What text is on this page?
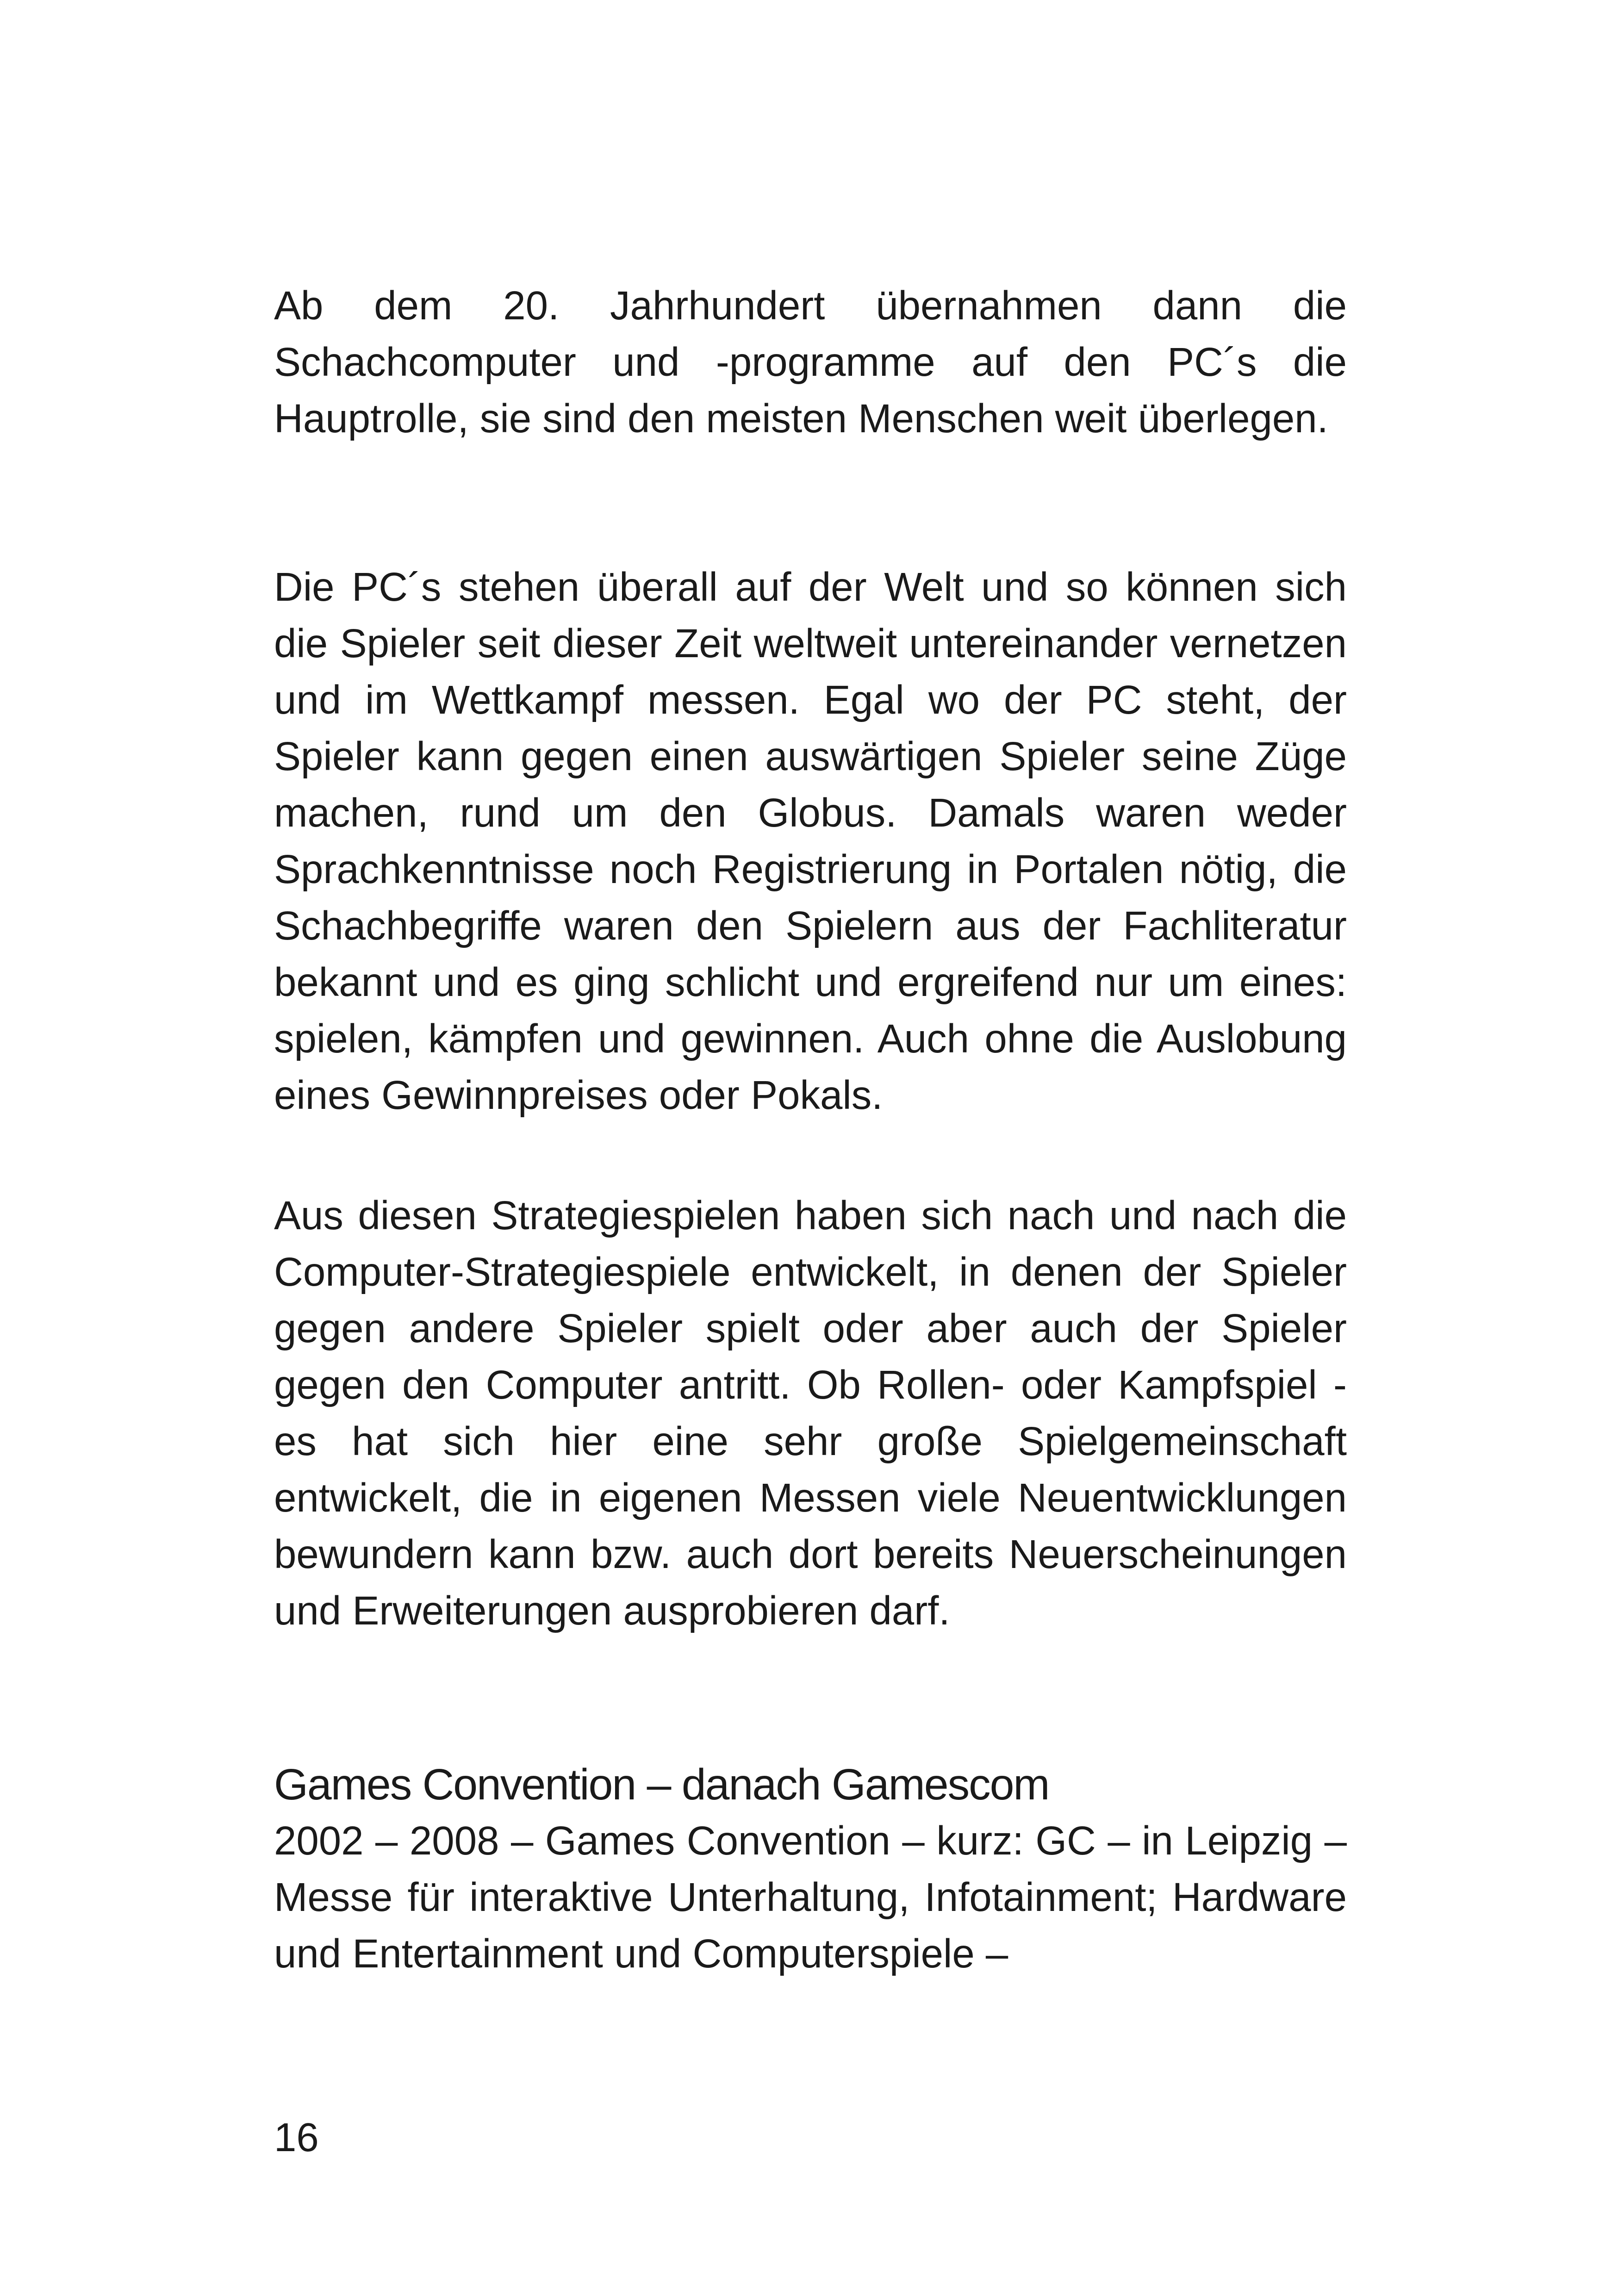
Ab dem 20. Jahrhundert übernahmen dann die Schachcomputer und -programme auf den PC´s die Hauptrolle, sie sind den meisten Menschen weit überlegen.

Die PC´s stehen überall auf der Welt und so können sich die Spieler seit dieser Zeit weltweit untereinander vernetzen und im Wettkampf messen. Egal wo der PC steht, der Spieler kann gegen einen auswärtigen Spieler seine Züge machen, rund um den Globus. Damals waren weder Sprachkenntnisse noch Registrierung in Portalen nötig, die Schachbegriffe waren den Spielern aus der Fachliteratur bekannt und es ging schlicht und ergreifend nur um eines: spielen, kämpfen und gewinnen. Auch ohne die Auslobung eines Gewinnpreises oder Pokals.

Aus diesen Strategiespielen haben sich nach und nach die Computer-Strategiespiele entwickelt, in denen der Spieler gegen andere Spieler spielt oder aber auch der Spieler gegen den Computer antritt. Ob Rollen- oder Kampfspiel - es hat sich hier eine sehr große Spielgemeinschaft entwickelt, die in eigenen Messen viele Neuentwicklungen bewundern kann bzw. auch dort bereits Neuerscheinungen und Erweiterungen ausprobieren darf.

Games Convention – danach Gamescom

2002 – 2008 – Games Convention – kurz: GC – in Leipzig – Messe für interaktive Unterhaltung, Infotainment; Hardware und Entertainment und Computerspiele –

16
